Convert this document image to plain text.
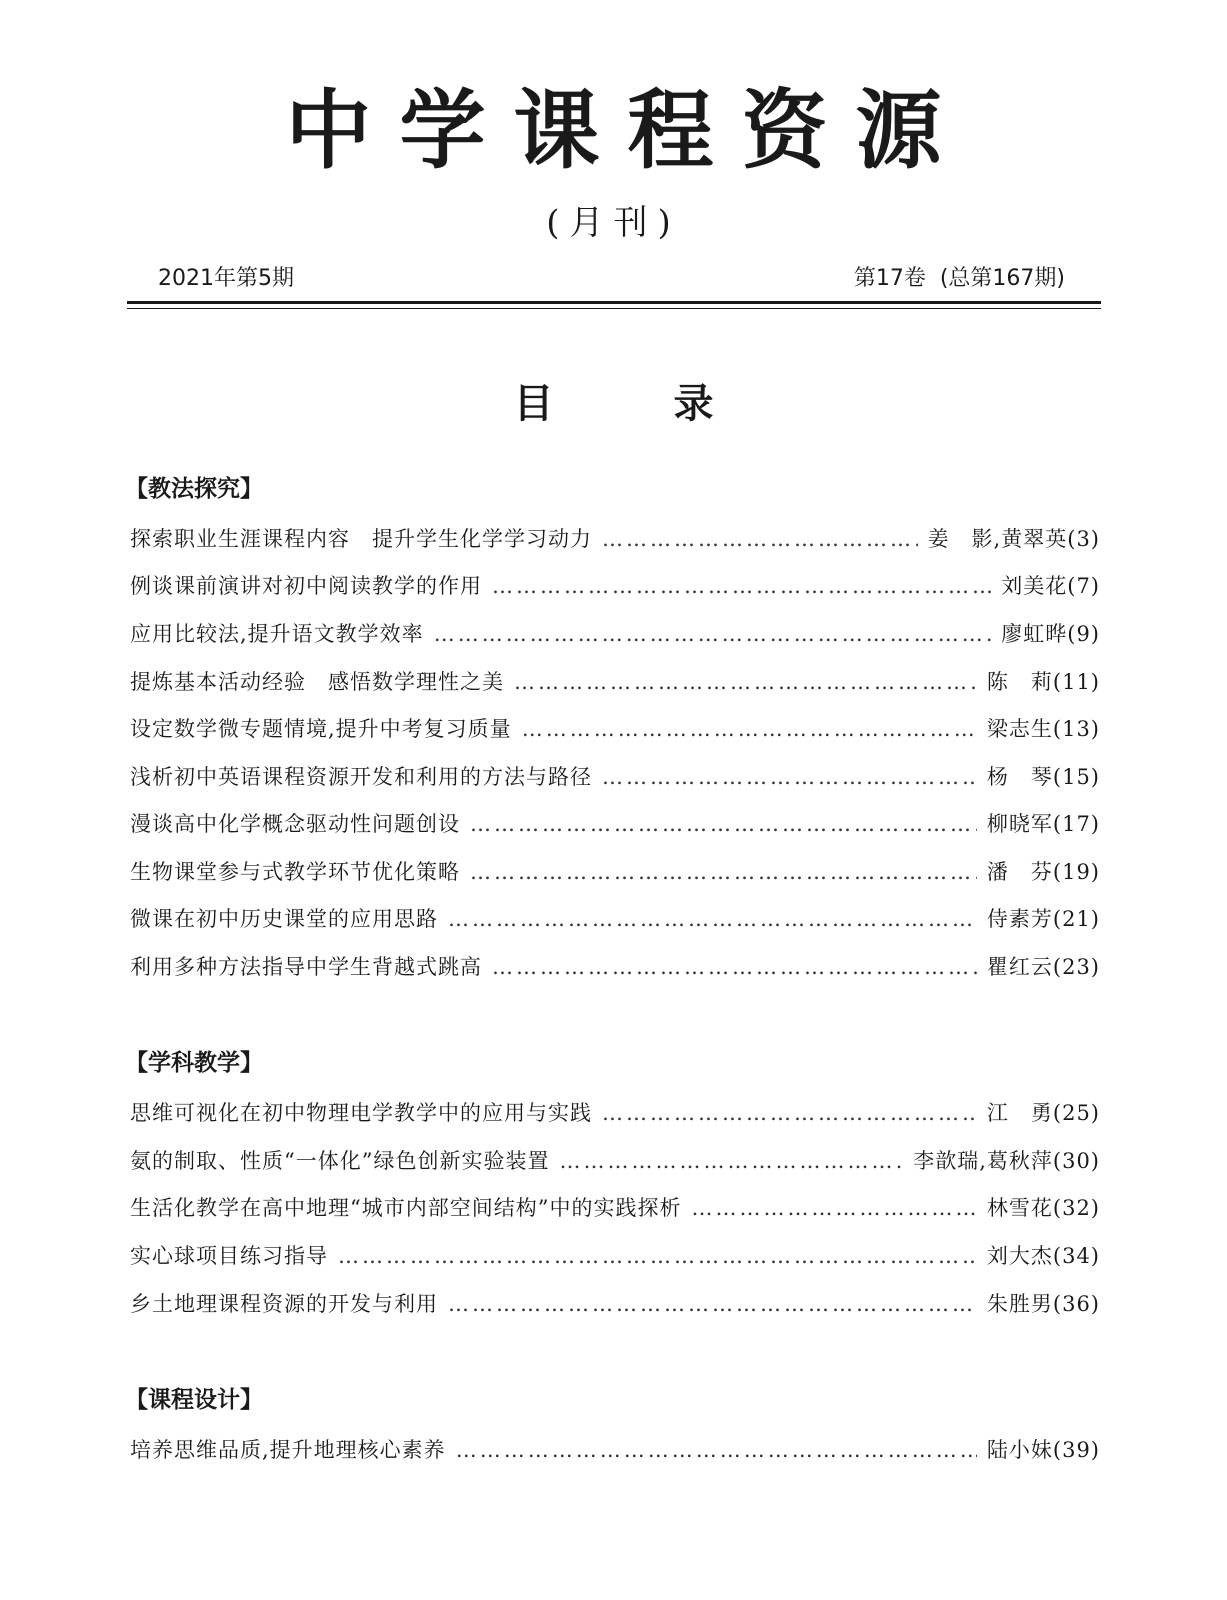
中学课程资源
(月刊)
2021年第5期	第17卷  (总第167期)
目录
【教法探究】
探索职业生涯课程内容　提升学生化学学习动力 ……………………………………………………………………………………………………………………………………………………………………………………………………	姜　影,黄翠英 (3)
例谈课前演讲对初中阅读教学的作用 ……………………………………………………………………………………………………………………………………………………………………………………………………	刘美花 (7)
应用比较法,提升语文教学效率 ……………………………………………………………………………………………………………………………………………………………………………………………………	廖虹晔 (9)
提炼基本活动经验　感悟数学理性之美 ……………………………………………………………………………………………………………………………………………………………………………………………………	陈　莉 (11)
设定数学微专题情境,提升中考复习质量 ……………………………………………………………………………………………………………………………………………………………………………………………………	梁志生 (13)
浅析初中英语课程资源开发和利用的方法与路径 ……………………………………………………………………………………………………………………………………………………………………………………………………	杨　琴 (15)
漫谈高中化学概念驱动性问题创设 ……………………………………………………………………………………………………………………………………………………………………………………………………	柳晓军 (17)
生物课堂参与式教学环节优化策略 ……………………………………………………………………………………………………………………………………………………………………………………………………	潘　芬 (19)
微课在初中历史课堂的应用思路 ……………………………………………………………………………………………………………………………………………………………………………………………………	侍素芳 (21)
利用多种方法指导中学生背越式跳高 ……………………………………………………………………………………………………………………………………………………………………………………………………	瞿红云 (23)
【学科教学】
思维可视化在初中物理电学教学中的应用与实践 ……………………………………………………………………………………………………………………………………………………………………………………………………	江　勇 (25)
氨的制取、性质“一体化”绿色创新实验装置 ……………………………………………………………………………………………………………………………………………………………………………………………………	李歆瑞,葛秋萍 (30)
生活化教学在高中地理“城市内部空间结构”中的实践探析 ……………………………………………………………………………………………………………………………………………………………………………………………………	林雪花 (32)
实心球项目练习指导 ……………………………………………………………………………………………………………………………………………………………………………………………………	刘大杰 (34)
乡土地理课程资源的开发与利用 ……………………………………………………………………………………………………………………………………………………………………………………………………	朱胜男 (36)
【课程设计】
培养思维品质,提升地理核心素养 ……………………………………………………………………………………………………………………………………………………………………………………………………	陆小妹 (39)
